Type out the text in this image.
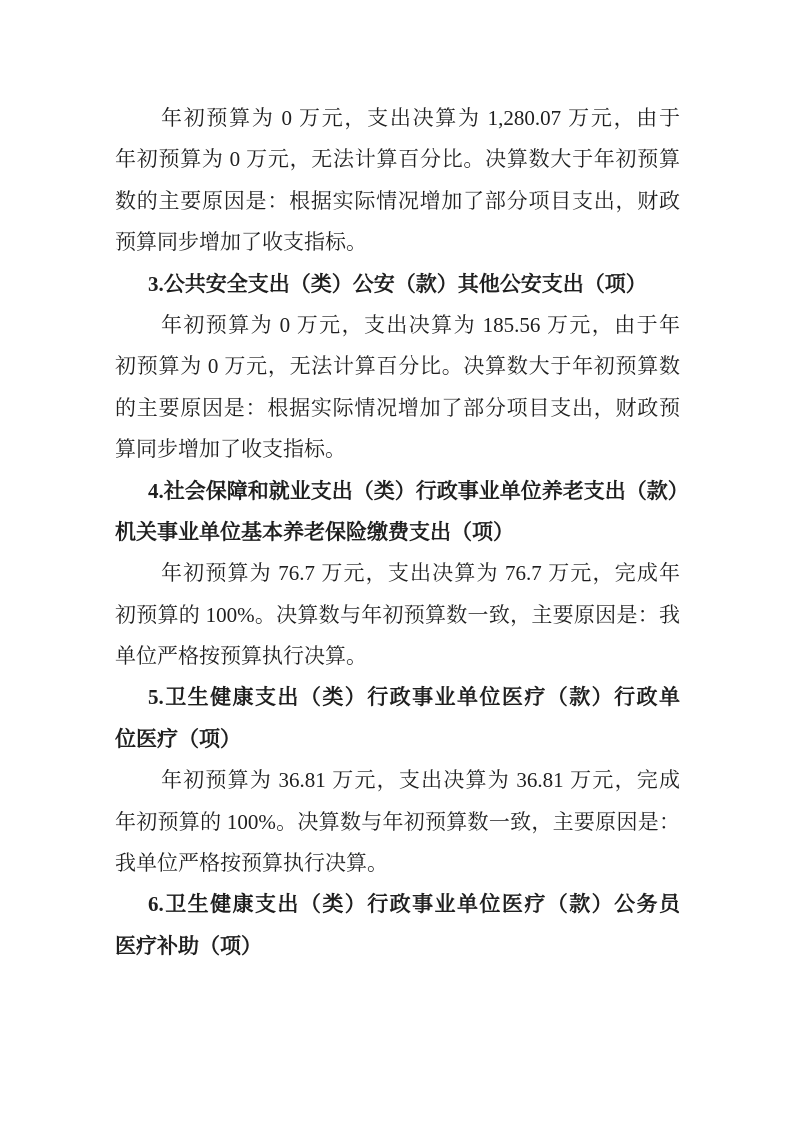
年初预算为 0 万元，支出决算为 1,280.07 万元，由于
年初预算为 0 万元，无法计算百分比。决算数大于年初预算
数的主要原因是：根据实际情况增加了部分项目支出，财政
预算同步增加了收支指标。
3.公共安全支出（类）公安（款）其他公安支出（项）
年初预算为 0 万元，支出决算为 185.56 万元，由于年
初预算为 0 万元，无法计算百分比。决算数大于年初预算数
的主要原因是：根据实际情况增加了部分项目支出，财政预
算同步增加了收支指标。
4.社会保障和就业支出（类）行政事业单位养老支出（款）
机关事业单位基本养老保险缴费支出（项）
年初预算为 76.7 万元，支出决算为 76.7 万元，完成年
初预算的 100%。决算数与年初预算数一致，主要原因是：我
单位严格按预算执行决算。
5.卫生健康支出（类）行政事业单位医疗（款）行政单
位医疗（项）
年初预算为 36.81 万元，支出决算为 36.81 万元，完成
年初预算的 100%。决算数与年初预算数一致，主要原因是：
我单位严格按预算执行决算。
6.卫生健康支出（类）行政事业单位医疗（款）公务员
医疗补助（项）
